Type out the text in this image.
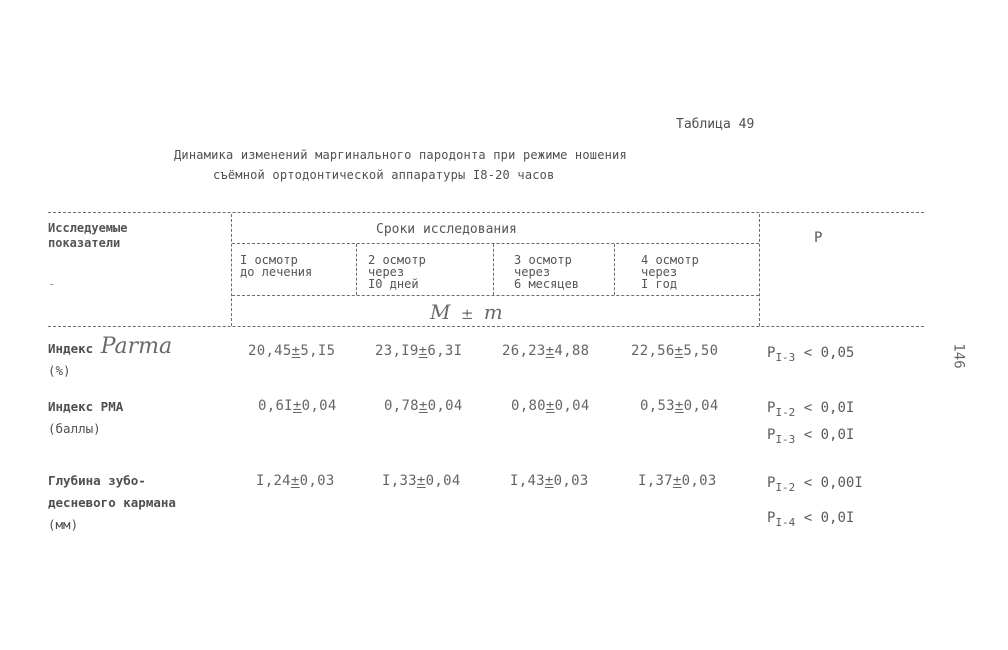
Таблица 49
Динамика изменений маргинального пародонта при режиме ношения
съёмной ортодонтической аппаратуры I8-20 часов
Исследуемые
показатели
-
Сроки исследования
Р
I осмотр
до лечения
2 осмотр
через
I0 дней
3 осмотр
через
6 месяцев
4 осмотр
через
I год
M ± m
Индекс Parma
(%)
20,45±5,I5	23,I9±6,3I	26,23±4,88	22,56±5,50	$P_{I-3} < 0,05$
Индекс РМА
(баллы)
0,6I±0,04	0,78±0,04	0,80±0,04	0,53±0,04	$P_{I-2} < 0,0I$
$P_{I-3} < 0,0I$
Глубина зубо-
десневого кармана
(мм)
I,24±0,03	I,33±0,04	I,43±0,03	I,37±0,03	$P_{I-2} < 0,00I$
$P_{I-4} < 0,0I$
146
